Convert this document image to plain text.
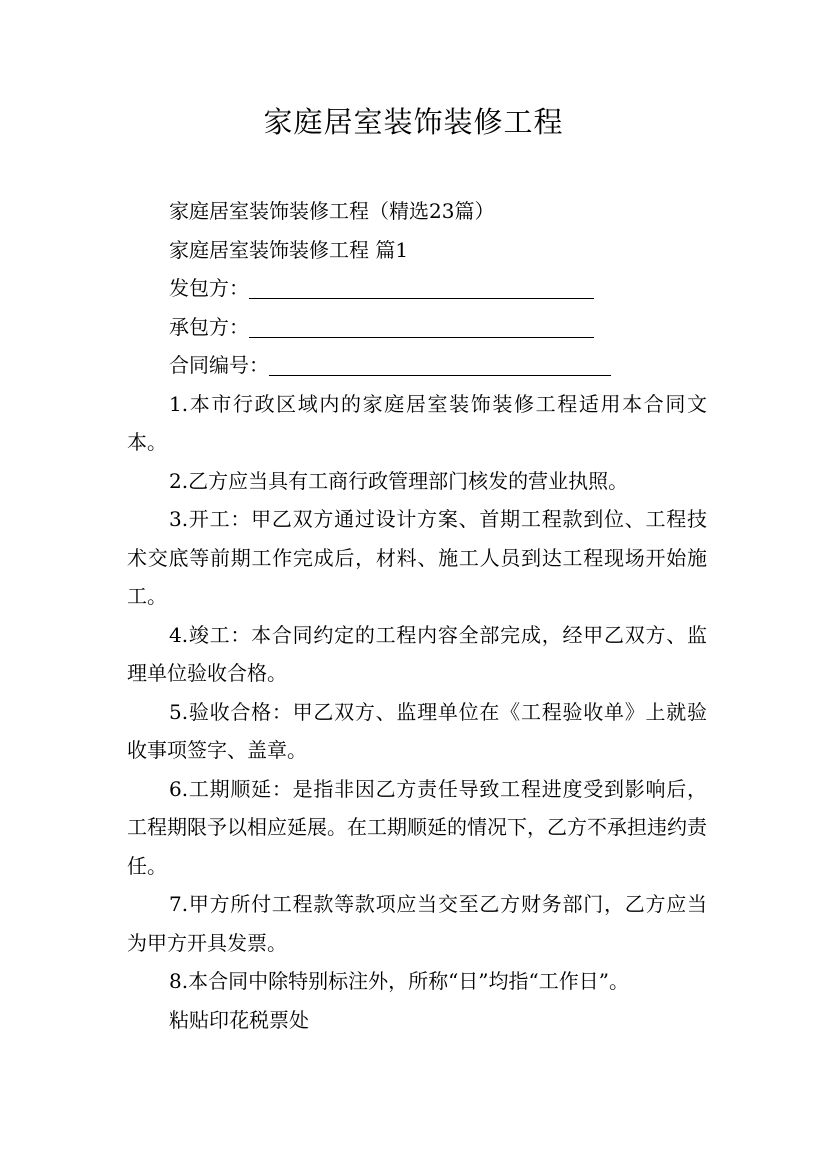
家庭居室装饰装修工程

家庭居室装饰装修工程（精选23篇）

家庭居室装饰装修工程 篇1

发包方：

承包方：

合同编号：

1.本市行政区域内的家庭居室装饰装修工程适用本合同文本。

2.乙方应当具有工商行政管理部门核发的营业执照。

3.开工：甲乙双方通过设计方案、首期工程款到位、工程技术交底等前期工作完成后，材料、施工人员到达工程现场开始施工。

4.竣工：本合同约定的工程内容全部完成，经甲乙双方、监理单位验收合格。

5.验收合格：甲乙双方、监理单位在《工程验收单》上就验收事项签字、盖章。

6.工期顺延：是指非因乙方责任导致工程进度受到影响后，工程期限予以相应延展。在工期顺延的情况下，乙方不承担违约责任。

7.甲方所付工程款等款项应当交至乙方财务部门，乙方应当为甲方开具发票。

8.本合同中除特别标注外，所称“日”均指“工作日”。

粘贴印花税票处
